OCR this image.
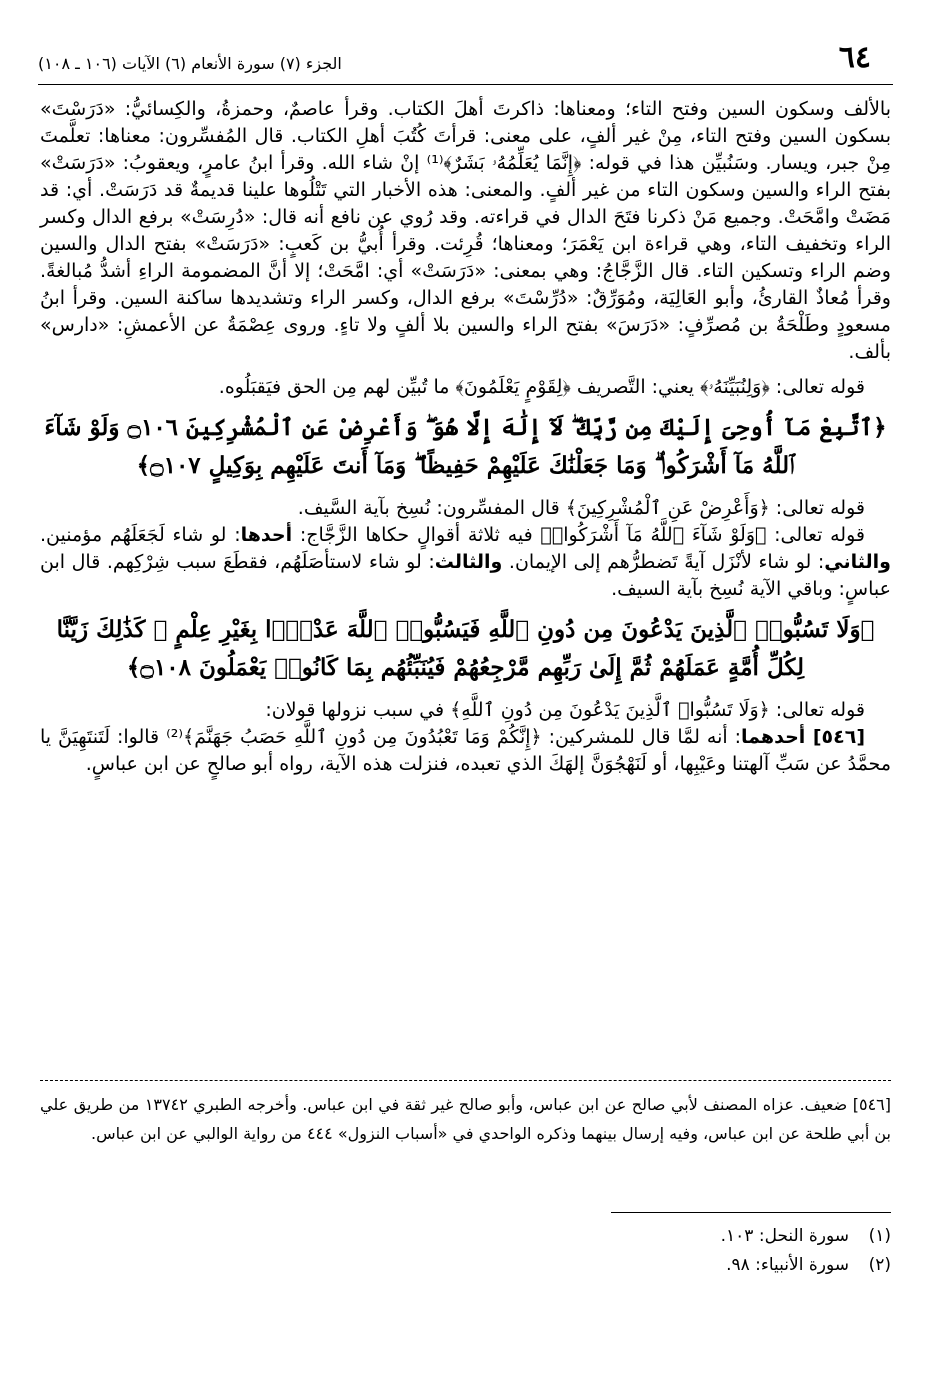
٦٤
الجزء (٧) سورة الأنعام (٦) الآيات (١٠٦ ـ ١٠٨)

بالألف وسكون السين وفتح التاء؛ ومعناها: ذاكرتَ أهلَ الكتاب. وقرأ عاصمٌ، وحمزةُ، والكِسائيُّ: «دَرَسْتَ» بسكون السين وفتح التاء، مِنْ غير ألفٍ، على معنى: قرأتَ كُتُبَ أهلِ الكتاب. قال المُفسِّرون: معناها: تعلَّمتَ مِنْ جبر، ويسار. وسَنُبيِّن هذا في قوله: ﴿إِنَّمَا يُعَلِّمُهُۥ بَشَرٌ﴾⁽¹⁾ إنْ شاء الله. وقرأ ابنُ عامرٍ، ويعقوبُ: «دَرَسَتْ» بفتح الراء والسين وسكون التاء من غير ألفٍ. والمعنى: هذه الأخبار التي تَتْلُوها علينا قديمةٌ قد دَرَسَتْ. أي: قد مَضَتْ وامَّحَتْ. وجميع مَنْ ذكرنا فتَحَ الدال في قراءته. وقد رُوي عن نافع أنه قال: «دُرِسَتْ» برفع الدال وكسر الراء وتخفيف التاء، وهي قراءة ابن يَعْمَرَ؛ ومعناها؛ قُرِئت. وقرأ أُبيُّ بن كَعبٍ: «دَرَسَتْ» بفتح الدال والسين وضم الراء وتسكين التاء. قال الزَّجَّاجُ: وهي بمعنى: «دَرَسَتْ» أي: امَّحَتْ؛ إلا أنَّ المضمومة الراءِ أشدُّ مُبالغةً. وقرأ مُعاذٌ القارئُ، وأبو العَالِيَة، ومُوَرِّقٌ: «دُرِّسْتَ» برفع الدال، وكسر الراء وتشديدها ساكنة السين. وقرأ ابنُ مسعودٍ وطَلْحَةُ بن مُصرِّفٍ: «دَرَسَ» بفتح الراء والسين بلا ألفٍ ولا تاءٍ. وروى عِصْمَةُ عن الأعمشِ: «دارس» بألف.

قوله تعالى: ﴿وَلِنُبَيِّنَهُۥ﴾ يعني: التَّصريف ﴿لِقَوْمٍ يَعْلَمُونَ﴾ ما تُبيِّن لهم مِن الحق فيَقبَلُوه.

﴿ٱتَّبِعْ مَآ أُوحِىَ إِلَيْكَ مِن رَّبِّكَ ۖ لَآ إِلَٰهَ إِلَّا هُوَ ۖ وَأَعْرِضْ عَنِ ٱلْمُشْرِكِينَ ۝١٠٦ وَلَوْ شَآءَ ٱللَّهُ مَآ أَشْرَكُوا۟ ۗ وَمَا جَعَلْنَٰكَ عَلَيْهِمْ حَفِيظًا ۖ وَمَآ أَنتَ عَلَيْهِم بِوَكِيلٍ ۝١٠٧﴾

قوله تعالى: ﴿وَأَعْرِضْ عَنِ ٱلْمُشْرِكِينَ﴾ قال المفسِّرون: نُسِخ بآية السَّيف.

قوله تعالى: ﴿وَلَوْ شَآءَ ٱللَّهُ مَآ أَشْرَكُوا۟﴾ فيه ثلاثة أقوالٍ حكاها الزَّجَّاج: أحدها: لو شاء لَجَعَلَهُم مؤمنين. والثاني: لو شاء لأنْزَل آيةً تَضطرُّهم إلى الإيمان. والثالث: لو شاء لاستأصَلَهُم، فقطَعَ سبب شِرْكِهم. قال ابن عباسٍ: وباقي الآية نُسِخ بآية السيف.

﴿وَلَا تَسُبُّوا۟ ٱلَّذِينَ يَدْعُونَ مِن دُونِ ٱللَّهِ فَيَسُبُّوا۟ ٱللَّهَ عَدْوًۢا بِغَيْرِ عِلْمٍ ۗ كَذَٰلِكَ زَيَّنَّا لِكُلِّ أُمَّةٍ عَمَلَهُمْ ثُمَّ إِلَىٰ رَبِّهِم مَّرْجِعُهُمْ فَيُنَبِّئُهُم بِمَا كَانُوا۟ يَعْمَلُونَ ۝١٠٨﴾

قوله تعالى: ﴿وَلَا تَسُبُّوا۟ ٱلَّذِينَ يَدْعُونَ مِن دُونِ ٱللَّهِ﴾ في سبب نزولها قولان:

[٥٤٦] أحدهما: أنه لمَّا قال للمشركين: ﴿إِنَّكُمْ وَمَا تَعْبُدُونَ مِن دُونِ ٱللَّهِ حَصَبُ جَهَنَّمَ﴾⁽²⁾ قالوا: لَتَنتَهِيَنَّ يا محمَّدُ عن سَبِّ آلهتنا وعَيْبِها، أو لَنَهْجُوَنَّ إلهَكَ الذي تعبده، فنزلت هذه الآية، رواه أبو صالحٍ عن ابن عباسٍ.

[٥٤٦] ضعيف. عزاه المصنف لأبي صالح عن ابن عباس، وأبو صالح غير ثقة في ابن عباس. وأخرجه الطبري ١٣٧٤٢ من طريق علي بن أبي طلحة عن ابن عباس، وفيه إرسال بينهما وذكره الواحدي في «أسباب النزول» ٤٤٤ من رواية الوالبي عن ابن عباس.
(١)
سورة النحل: ١٠٣.
(٢)
سورة الأنبياء: ٩٨.
